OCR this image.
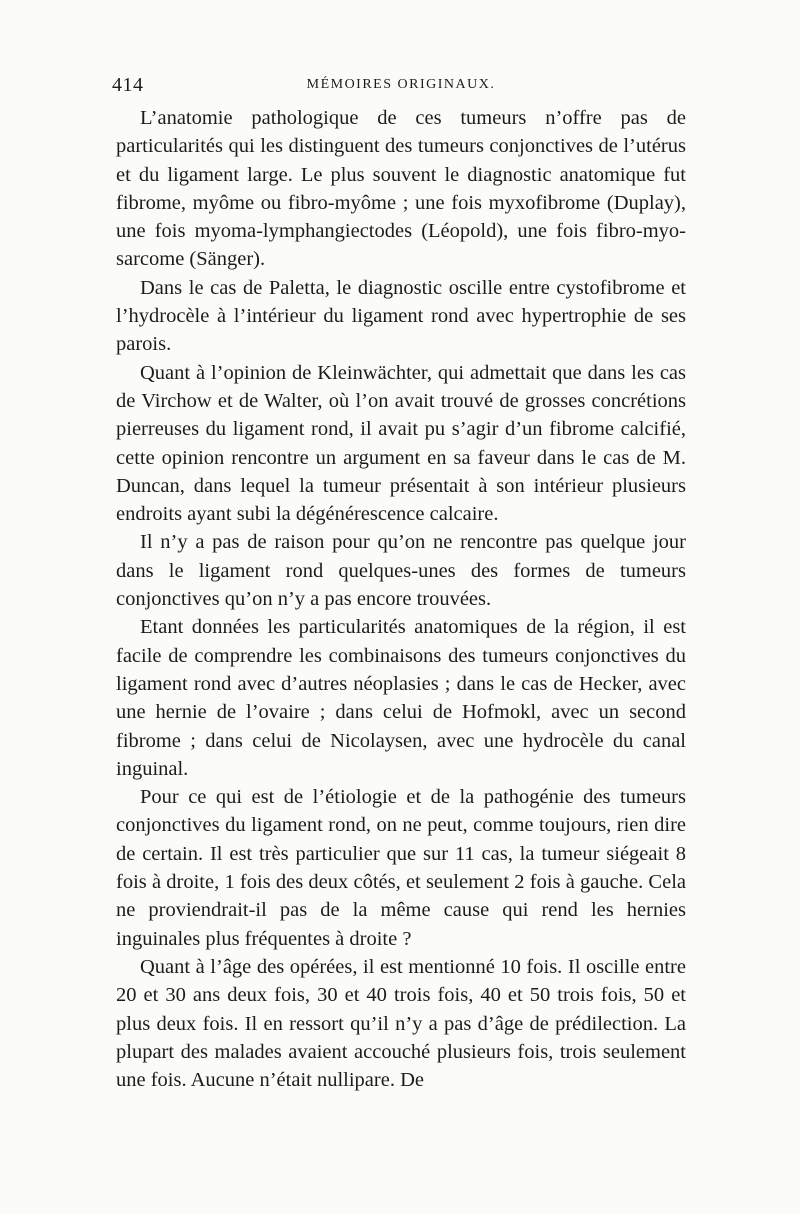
414	MÉMOIRES ORIGINAUX.

L’anatomie pathologique de ces tumeurs n’offre pas de particularités qui les distinguent des tumeurs conjonctives de l’utérus et du ligament large. Le plus souvent le diagnostic anatomique fut fibrome, myôme ou fibro-myôme ; une fois myxofibrome (Duplay), une fois myoma-lymphangiectodes (Léopold), une fois fibro-myo-sarcome (Sänger).

Dans le cas de Paletta, le diagnostic oscille entre cystofibrome et l’hydrocèle à l’intérieur du ligament rond avec hypertrophie de ses parois.

Quant à l’opinion de Kleinwächter, qui admettait que dans les cas de Virchow et de Walter, où l’on avait trouvé de grosses concrétions pierreuses du ligament rond, il avait pu s’agir d’un fibrome calcifié, cette opinion rencontre un argument en sa faveur dans le cas de M. Duncan, dans lequel la tumeur présentait à son intérieur plusieurs endroits ayant subi la dégénérescence calcaire.

Il n’y a pas de raison pour qu’on ne rencontre pas quelque jour dans le ligament rond quelques-unes des formes de tumeurs conjonctives qu’on n’y a pas encore trouvées.

Etant données les particularités anatomiques de la région, il est facile de comprendre les combinaisons des tumeurs conjonctives du ligament rond avec d’autres néoplasies ; dans le cas de Hecker, avec une hernie de l’ovaire ; dans celui de Hofmokl, avec un second fibrome ; dans celui de Nicolaysen, avec une hydrocèle du canal inguinal.

Pour ce qui est de l’étiologie et de la pathogénie des tumeurs conjonctives du ligament rond, on ne peut, comme toujours, rien dire de certain. Il est très particulier que sur 11 cas, la tumeur siégeait 8 fois à droite, 1 fois des deux côtés, et seulement 2 fois à gauche. Cela ne proviendrait-il pas de la même cause qui rend les hernies inguinales plus fréquentes à droite ?

Quant à l’âge des opérées, il est mentionné 10 fois. Il oscille entre 20 et 30 ans deux fois, 30 et 40 trois fois, 40 et 50 trois fois, 50 et plus deux fois. Il en ressort qu’il n’y a pas d’âge de prédilection. La plupart des malades avaient accouché plusieurs fois, trois seulement une fois. Aucune n’était nullipare. De
